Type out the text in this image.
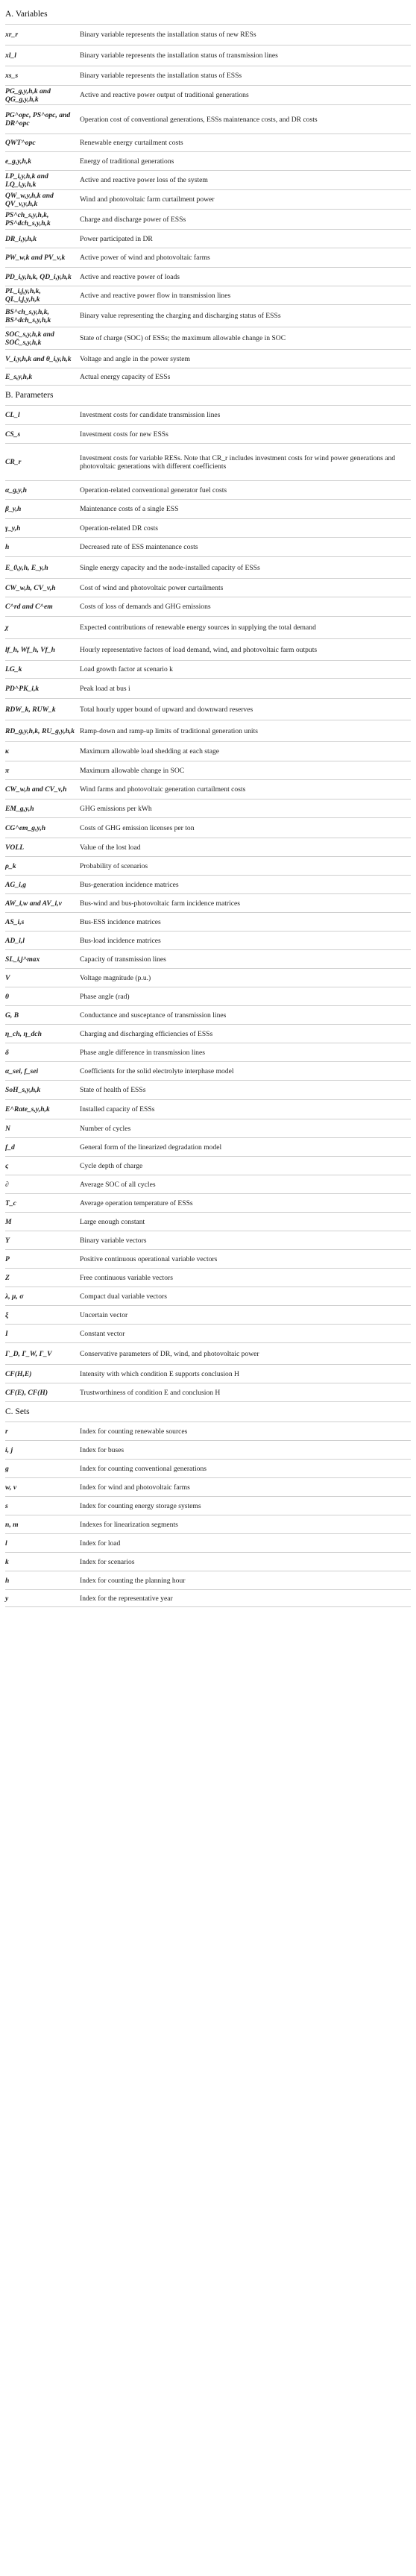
A. Variables
xr_r	Binary variable represents the installation status of new RESs
xl_l	Binary variable represents the installation status of transmission lines
xs_s	Binary variable represents the installation status of ESSs
PG_g,y,h,k and QG_g,y,h,k	Active and reactive power output of traditional generations
PG^opc, PS^opc, and DR^opc	Operation cost of conventional generations, ESSs maintenance costs, and DR costs
QWT^opc	Renewable energy curtailment costs
e_g,y,h,k	Energy of traditional generations
LP_i,y,h,k and LQ_i,y,h,k	Active and reactive power loss of the system
QW_w,y,h,k and QV_v,y,h,k	Wind and photovoltaic farm curtailment power
PS^ch_s,y,h,k, PS^dch_s,y,h,k	Charge and discharge power of ESSs
DR_i,y,h,k	Power participated in DR
PW_w,k and PV_v,k	Active power of wind and photovoltaic farms
PD_i,y,h,k, QD_i,y,h,k	Active and reactive power of loads
PL_i,j,y,h,k, QL_i,j,y,h,k	Active and reactive power flow in transmission lines
BS^ch_s,y,h,k, BS^dch_s,y,h,k	Binary value representing the charging and discharging status of ESSs
SOC_s,y,h,k and SOC̄_s,y,h,k	State of charge (SOC) of ESSs; the maximum allowable change in SOC
V_i,y,h,k and θ_i,y,h,k	Voltage and angle in the power system
E_s,y,h,k	Actual energy capacity of ESSs
B. Parameters
CL_l	Investment costs for candidate transmission lines
CS_s	Investment costs for new ESSs
CR_r	Investment costs for variable RESs. Note that CR_r includes investment costs for wind power generations and photovoltaic generations with different coefficients
α_g,y,h	Operation-related conventional generator fuel costs
β_y,h	Maintenance costs of a single ESS
γ_y,h	Operation-related DR costs
h	Decreased rate of ESS maintenance costs
E_0,y,h, E_y,h	Single energy capacity and the node-installed capacity of ESSs
CW_w,h, CV_v,h	Cost of wind and photovoltaic power curtailments
C^rd and C^em	Costs of loss of demands and GHG emissions
χ	Expected contributions of renewable energy sources in supplying the total demand
lf_h, Wf_h, Vf_h	Hourly representative factors of load demand, wind, and photovoltaic farm outputs
LG_k	Load growth factor at scenario k
PD^PK_i,k	Peak load at bus i
RDW_k, RUW_k	Total hourly upper bound of upward and downward reserves
RD_g,y,h,k, RU_g,y,h,k Ramp-down and ramp-up limits of traditional generation units
κ	Maximum allowable load shedding at each stage
π	Maximum allowable change in SOC
CW_w,h and CV_v,h	Wind farms and photovoltaic generation curtailment costs
EM_g,y,h	GHG emissions per kWh
CG^em_g,y,h	Costs of GHG emission licenses per ton
VOLL	Value of the lost load
ρ_k	Probability of scenarios
AG_i,g	Bus-generation incidence matrices
AW_i,w and AV_i,v	Bus-wind and bus-photovoltaic farm incidence matrices
AS_i,s	Bus-ESS incidence matrices
AD_i,l	Bus-load incidence matrices
SL_i,j^max	Capacity of transmission lines
V	Voltage magnitude (p.u.)
θ	Phase angle (rad)
G, B	Conductance and susceptance of transmission lines
η_ch, η_dch	Charging and discharging efficiencies of ESSs
δ	Phase angle difference in transmission lines
α_sei, f_sei	Coefficients for the solid electrolyte interphase model
SoH_s,y,h,k	State of health of ESSs
E^Rate_s,y,h,k	Installed capacity of ESSs
N	Number of cycles
f_d	General form of the linearized degradation model
ς	Cycle depth of charge
∂	Average SOC of all cycles
T_c	Average operation temperature of ESSs
M	Large enough constant
Y	Binary variable vectors
P	Positive continuous operational variable vectors
Z	Free continuous variable vectors
λ, μ, σ	Compact dual variable vectors
ξ	Uncertain vector
I	Constant vector
Γ_D, Γ_W, Γ_V	Conservative parameters of DR, wind, and photovoltaic power
CF(H,E)	Intensity with which condition E supports conclusion H
CF(E), CF(H)	Trustworthiness of condition E and conclusion H
C. Sets
r	Index for counting renewable sources
i, j	Index for buses
g	Index for counting conventional generations
w, v	Index for wind and photovoltaic farms
s	Index for counting energy storage systems
n, m	Indexes for linearization segments
l	Index for load
k	Index for scenarios
h	Index for counting the planning hour
y	Index for the representative year
